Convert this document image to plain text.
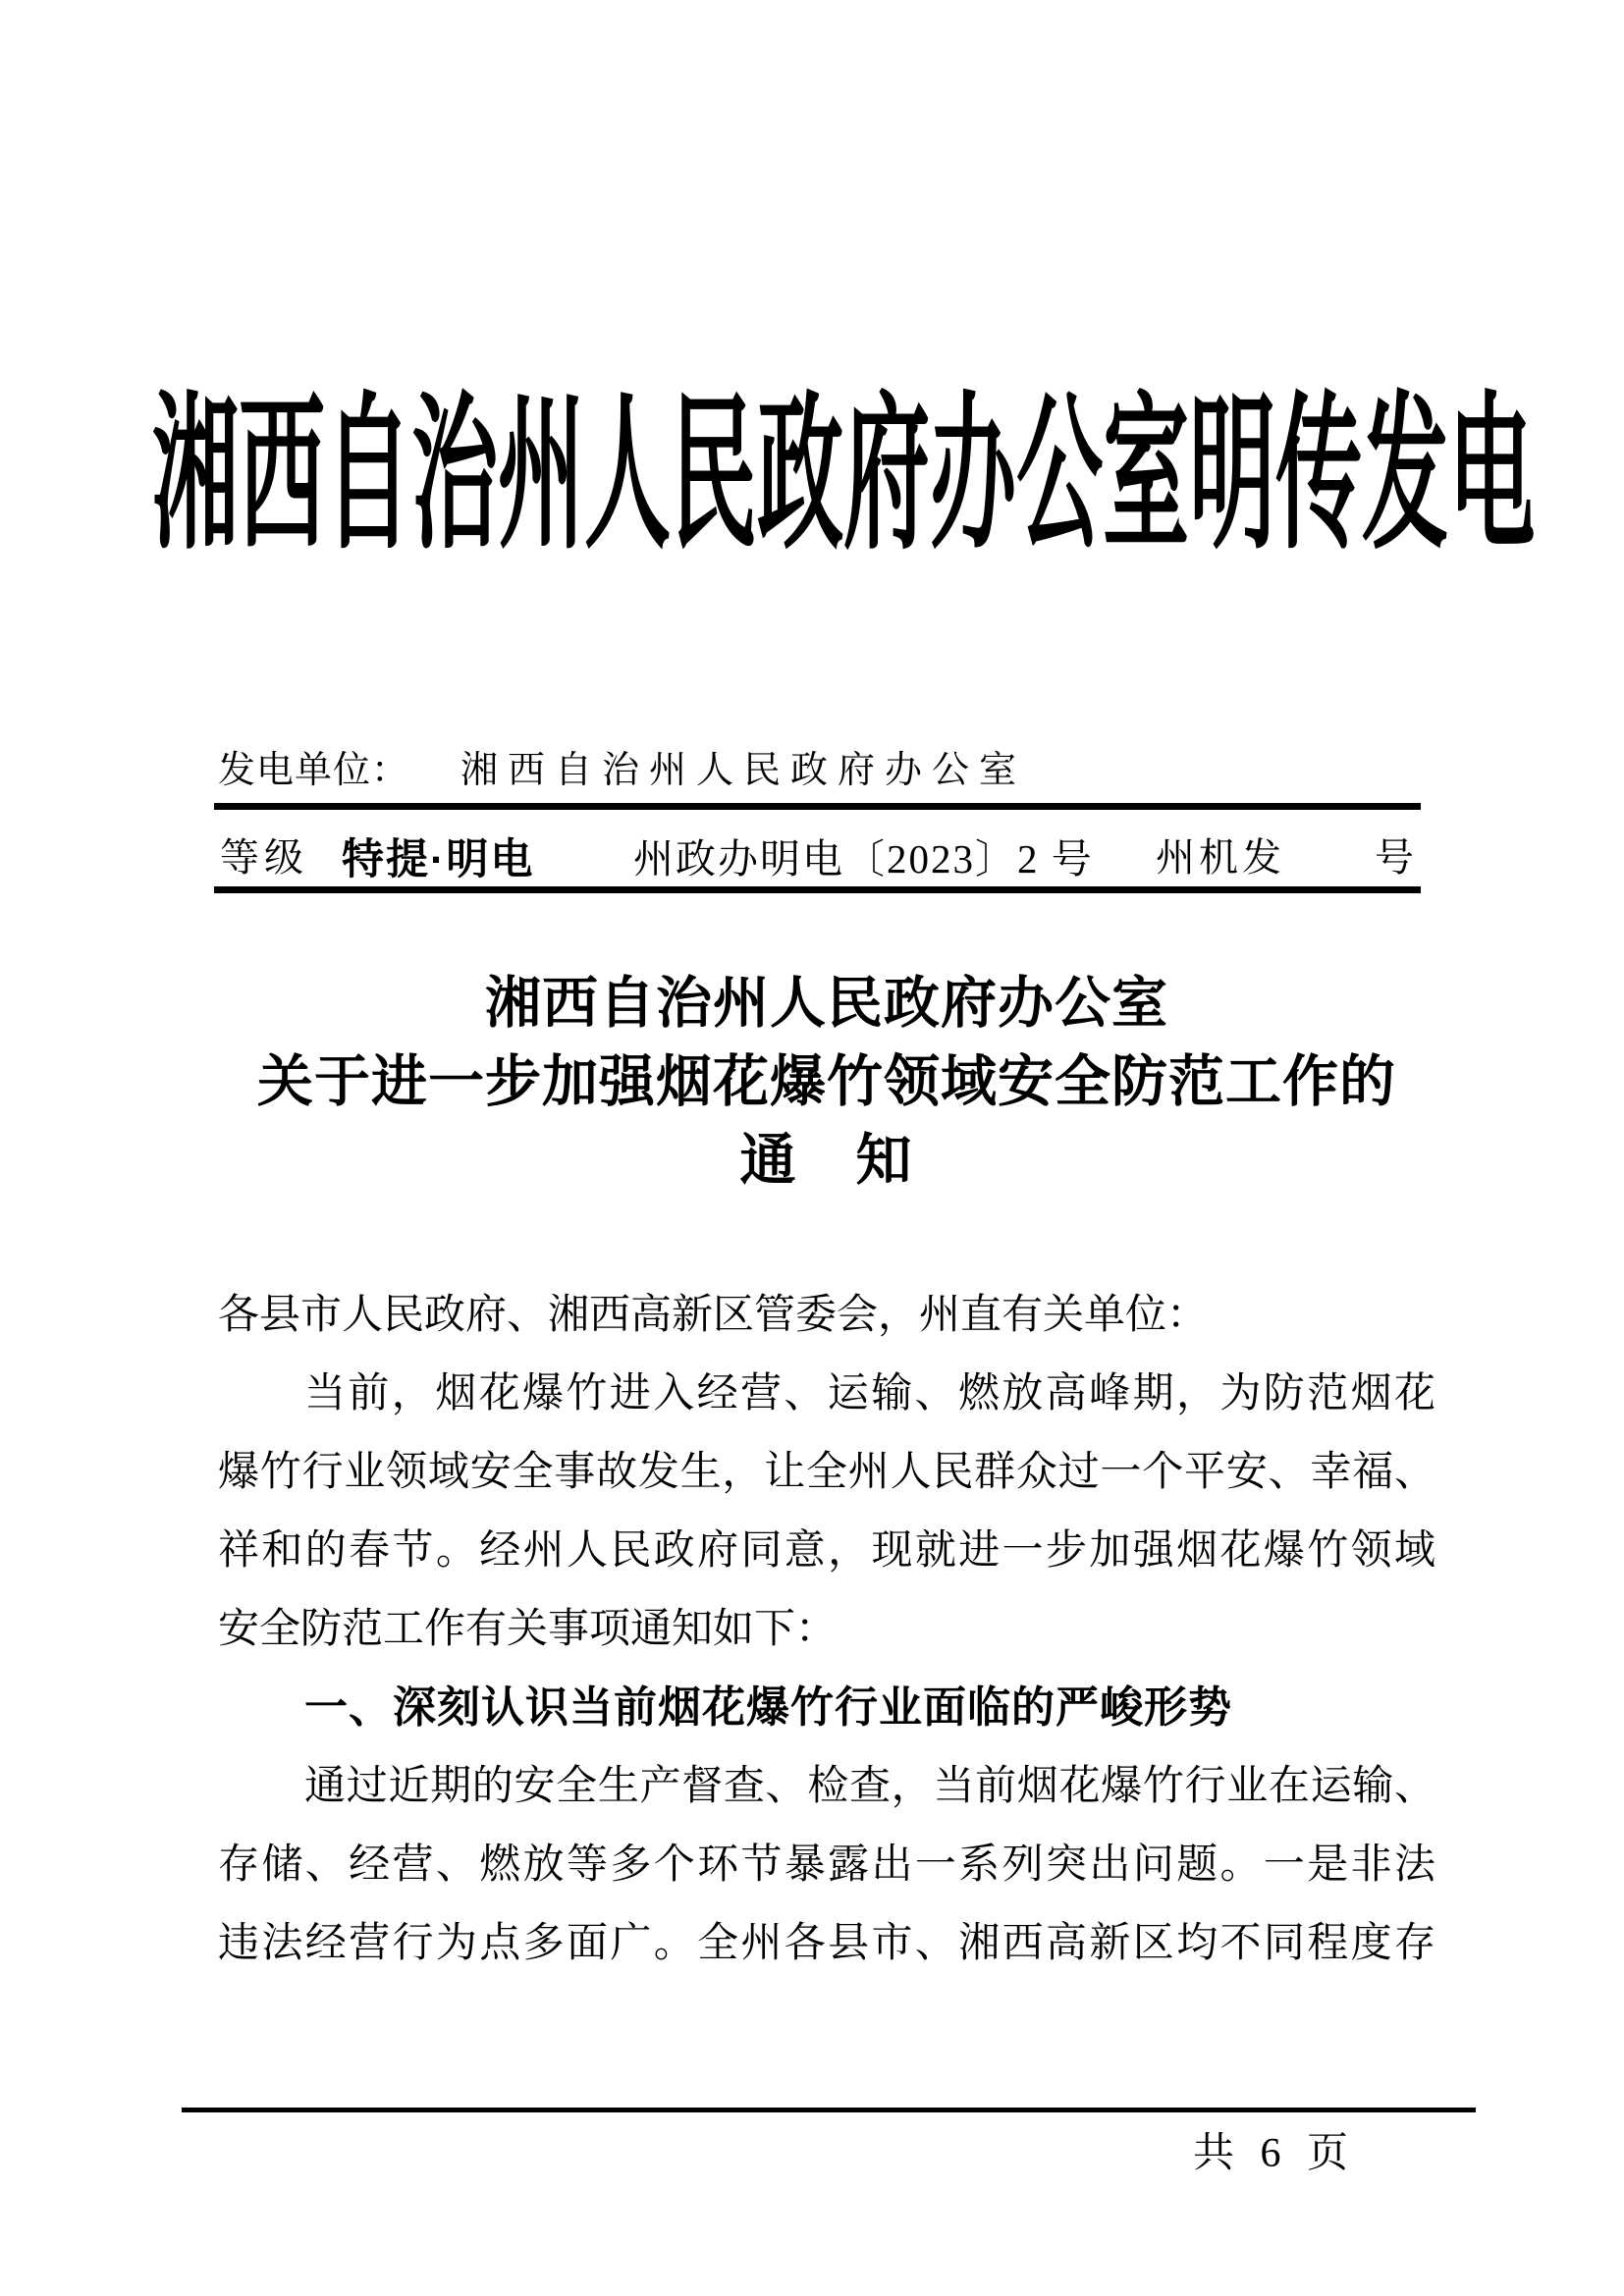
湘 西 自 治 州 人 民 政 府 办 公 室 明 传 发 电
发电单位： 湘西自治州人民政府办公室
等级 特提·明电 州政办明电〔2023〕2 号 州机发 号
湘西自治州人民政府办公室
关于进一步加强烟花爆竹领域安全防范工作的
通　知
各县市人民政府、湘西高新区管委会，州直有关单位：
当前，烟花爆竹进入经营、运输、燃放高峰期，为防范烟花
爆竹行业领域安全事故发生，让全州人民群众过一个平安、幸福、
祥和的春节。经州人民政府同意，现就进一步加强烟花爆竹领域
安全防范工作有关事项通知如下：
一、深刻认识当前烟花爆竹行业面临的严峻形势
通过近期的安全生产督查、检查，当前烟花爆竹行业在运输、
存储、经营、燃放等多个环节暴露出一系列突出问题。一是非法
违法经营行为点多面广。全州各县市、湘西高新区均不同程度存
共 6 页
